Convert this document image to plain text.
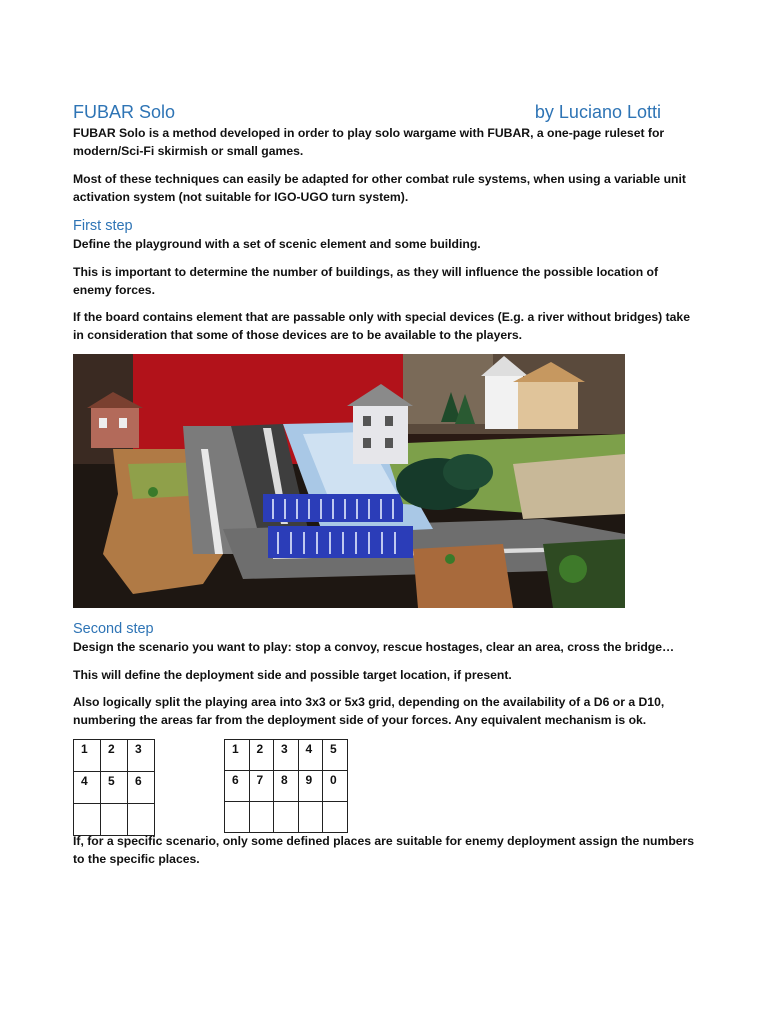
FUBAR Solo	by Luciano Lotti

FUBAR Solo is a method developed in order to play solo wargame with FUBAR, a one-page ruleset for modern/Sci-Fi skirmish or small games.

Most of these techniques can easily be adapted for other combat rule systems, when using a variable unit activation system (not suitable for IGO-UGO turn system).

First step

Define the playground with a set of scenic element and some building.

This is important to determine the number of buildings, as they will influence the possible location of enemy forces.

If the board contains element that are passable only with special devices (E.g. a river without bridges) take in consideration that some of those devices are to be available to the players.

Second step

Design the scenario you want to play: stop a convoy, rescue hostages, clear an area, cross the bridge…

This will define the deployment side and possible target location, if present.

Also logically split the playing area into 3x3 or 5x3 grid, depending on the availability of a D6 or a D10, numbering the areas far from the deployment side of your forces. Any equivalent mechanism is ok.

1	2	3
4	5	6

1	2	3	4	5
6	7	8	9	0

If, for a specific scenario, only some defined places are suitable for enemy deployment assign the numbers to the specific places.
